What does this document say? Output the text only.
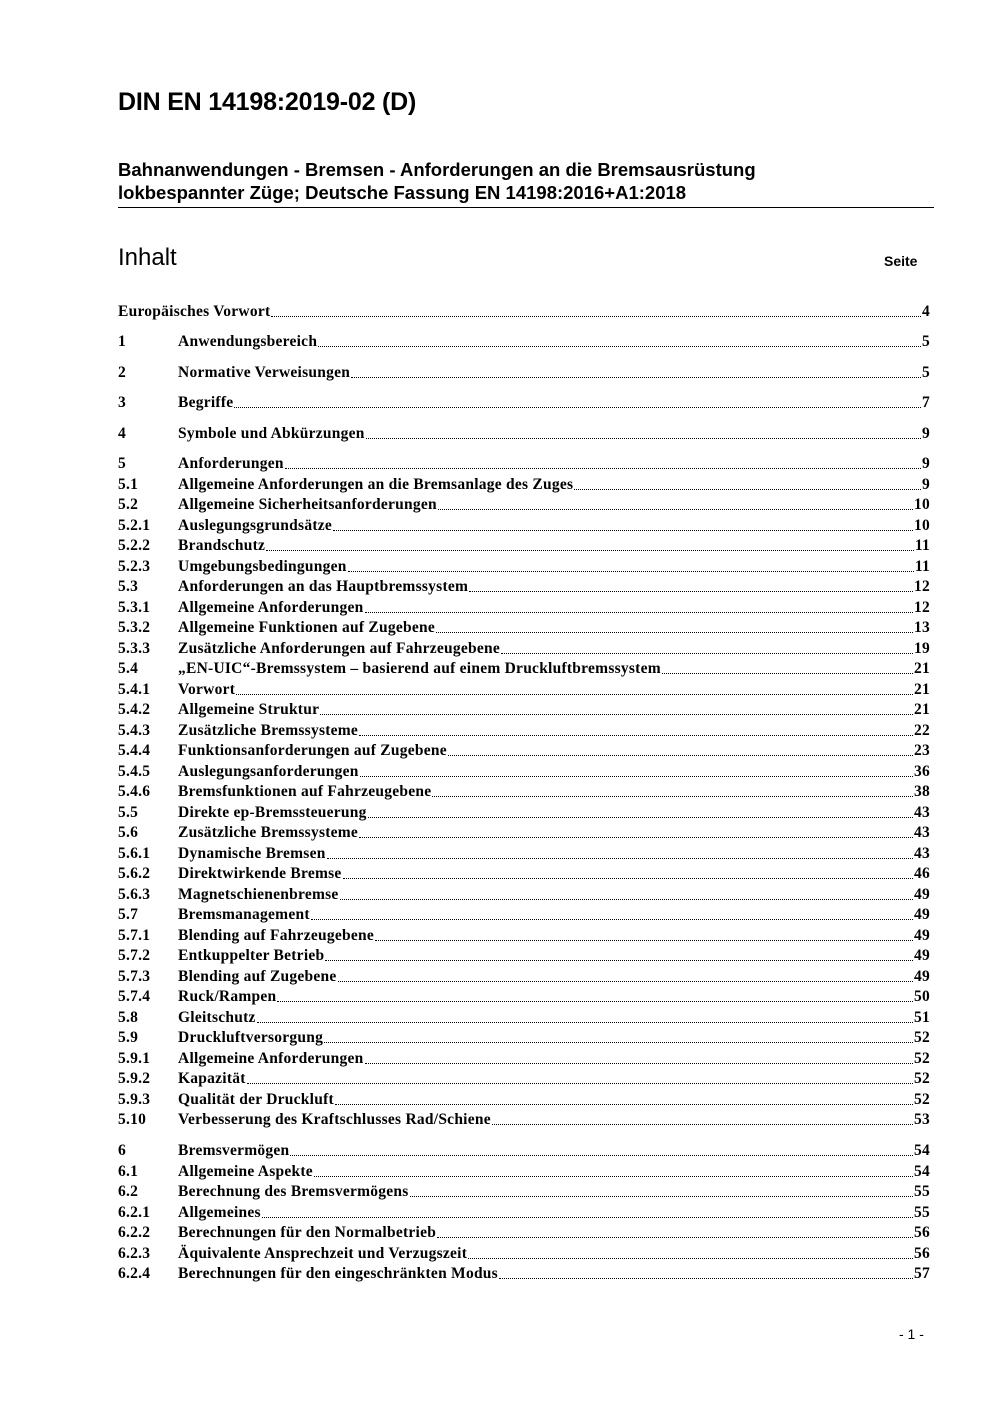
DIN EN 14198:2019-02 (D)
Bahnanwendungen - Bremsen - Anforderungen an die Bremsausrüstung
lokbespannter Züge; Deutsche Fassung EN 14198:2016+A1:2018
Inhalt	Seite
Europäisches Vorwort	4
1	Anwendungsbereich	5
2	Normative Verweisungen	5
3	Begriffe	7
4	Symbole und Abkürzungen	9
5	Anforderungen	9
5.1	Allgemeine Anforderungen an die Bremsanlage des Zuges	9
5.2	Allgemeine Sicherheitsanforderungen	10
5.2.1	Auslegungsgrundsätze	10
5.2.2	Brandschutz	11
5.2.3	Umgebungsbedingungen	11
5.3	Anforderungen an das Hauptbremssystem	12
5.3.1	Allgemeine Anforderungen	12
5.3.2	Allgemeine Funktionen auf Zugebene	13
5.3.3	Zusätzliche Anforderungen auf Fahrzeugebene	19
5.4	„EN-UIC“-Bremssystem – basierend auf einem Druckluftbremssystem	21
5.4.1	Vorwort	21
5.4.2	Allgemeine Struktur	21
5.4.3	Zusätzliche Bremssysteme	22
5.4.4	Funktionsanforderungen auf Zugebene	23
5.4.5	Auslegungsanforderungen	36
5.4.6	Bremsfunktionen auf Fahrzeugebene	38
5.5	Direkte ep-Bremssteuerung	43
5.6	Zusätzliche Bremssysteme	43
5.6.1	Dynamische Bremsen	43
5.6.2	Direktwirkende Bremse	46
5.6.3	Magnetschienenbremse	49
5.7	Bremsmanagement	49
5.7.1	Blending auf Fahrzeugebene	49
5.7.2	Entkuppelter Betrieb	49
5.7.3	Blending auf Zugebene	49
5.7.4	Ruck/Rampen	50
5.8	Gleitschutz	51
5.9	Druckluftversorgung	52
5.9.1	Allgemeine Anforderungen	52
5.9.2	Kapazität	52
5.9.3	Qualität der Druckluft	52
5.10	Verbesserung des Kraftschlusses Rad/Schiene	53
6	Bremsvermögen	54
6.1	Allgemeine Aspekte	54
6.2	Berechnung des Bremsvermögens	55
6.2.1	Allgemeines	55
6.2.2	Berechnungen für den Normalbetrieb	56
6.2.3	Äquivalente Ansprechzeit und Verzugszeit	56
6.2.4	Berechnungen für den eingeschränkten Modus	57
- 1 -
